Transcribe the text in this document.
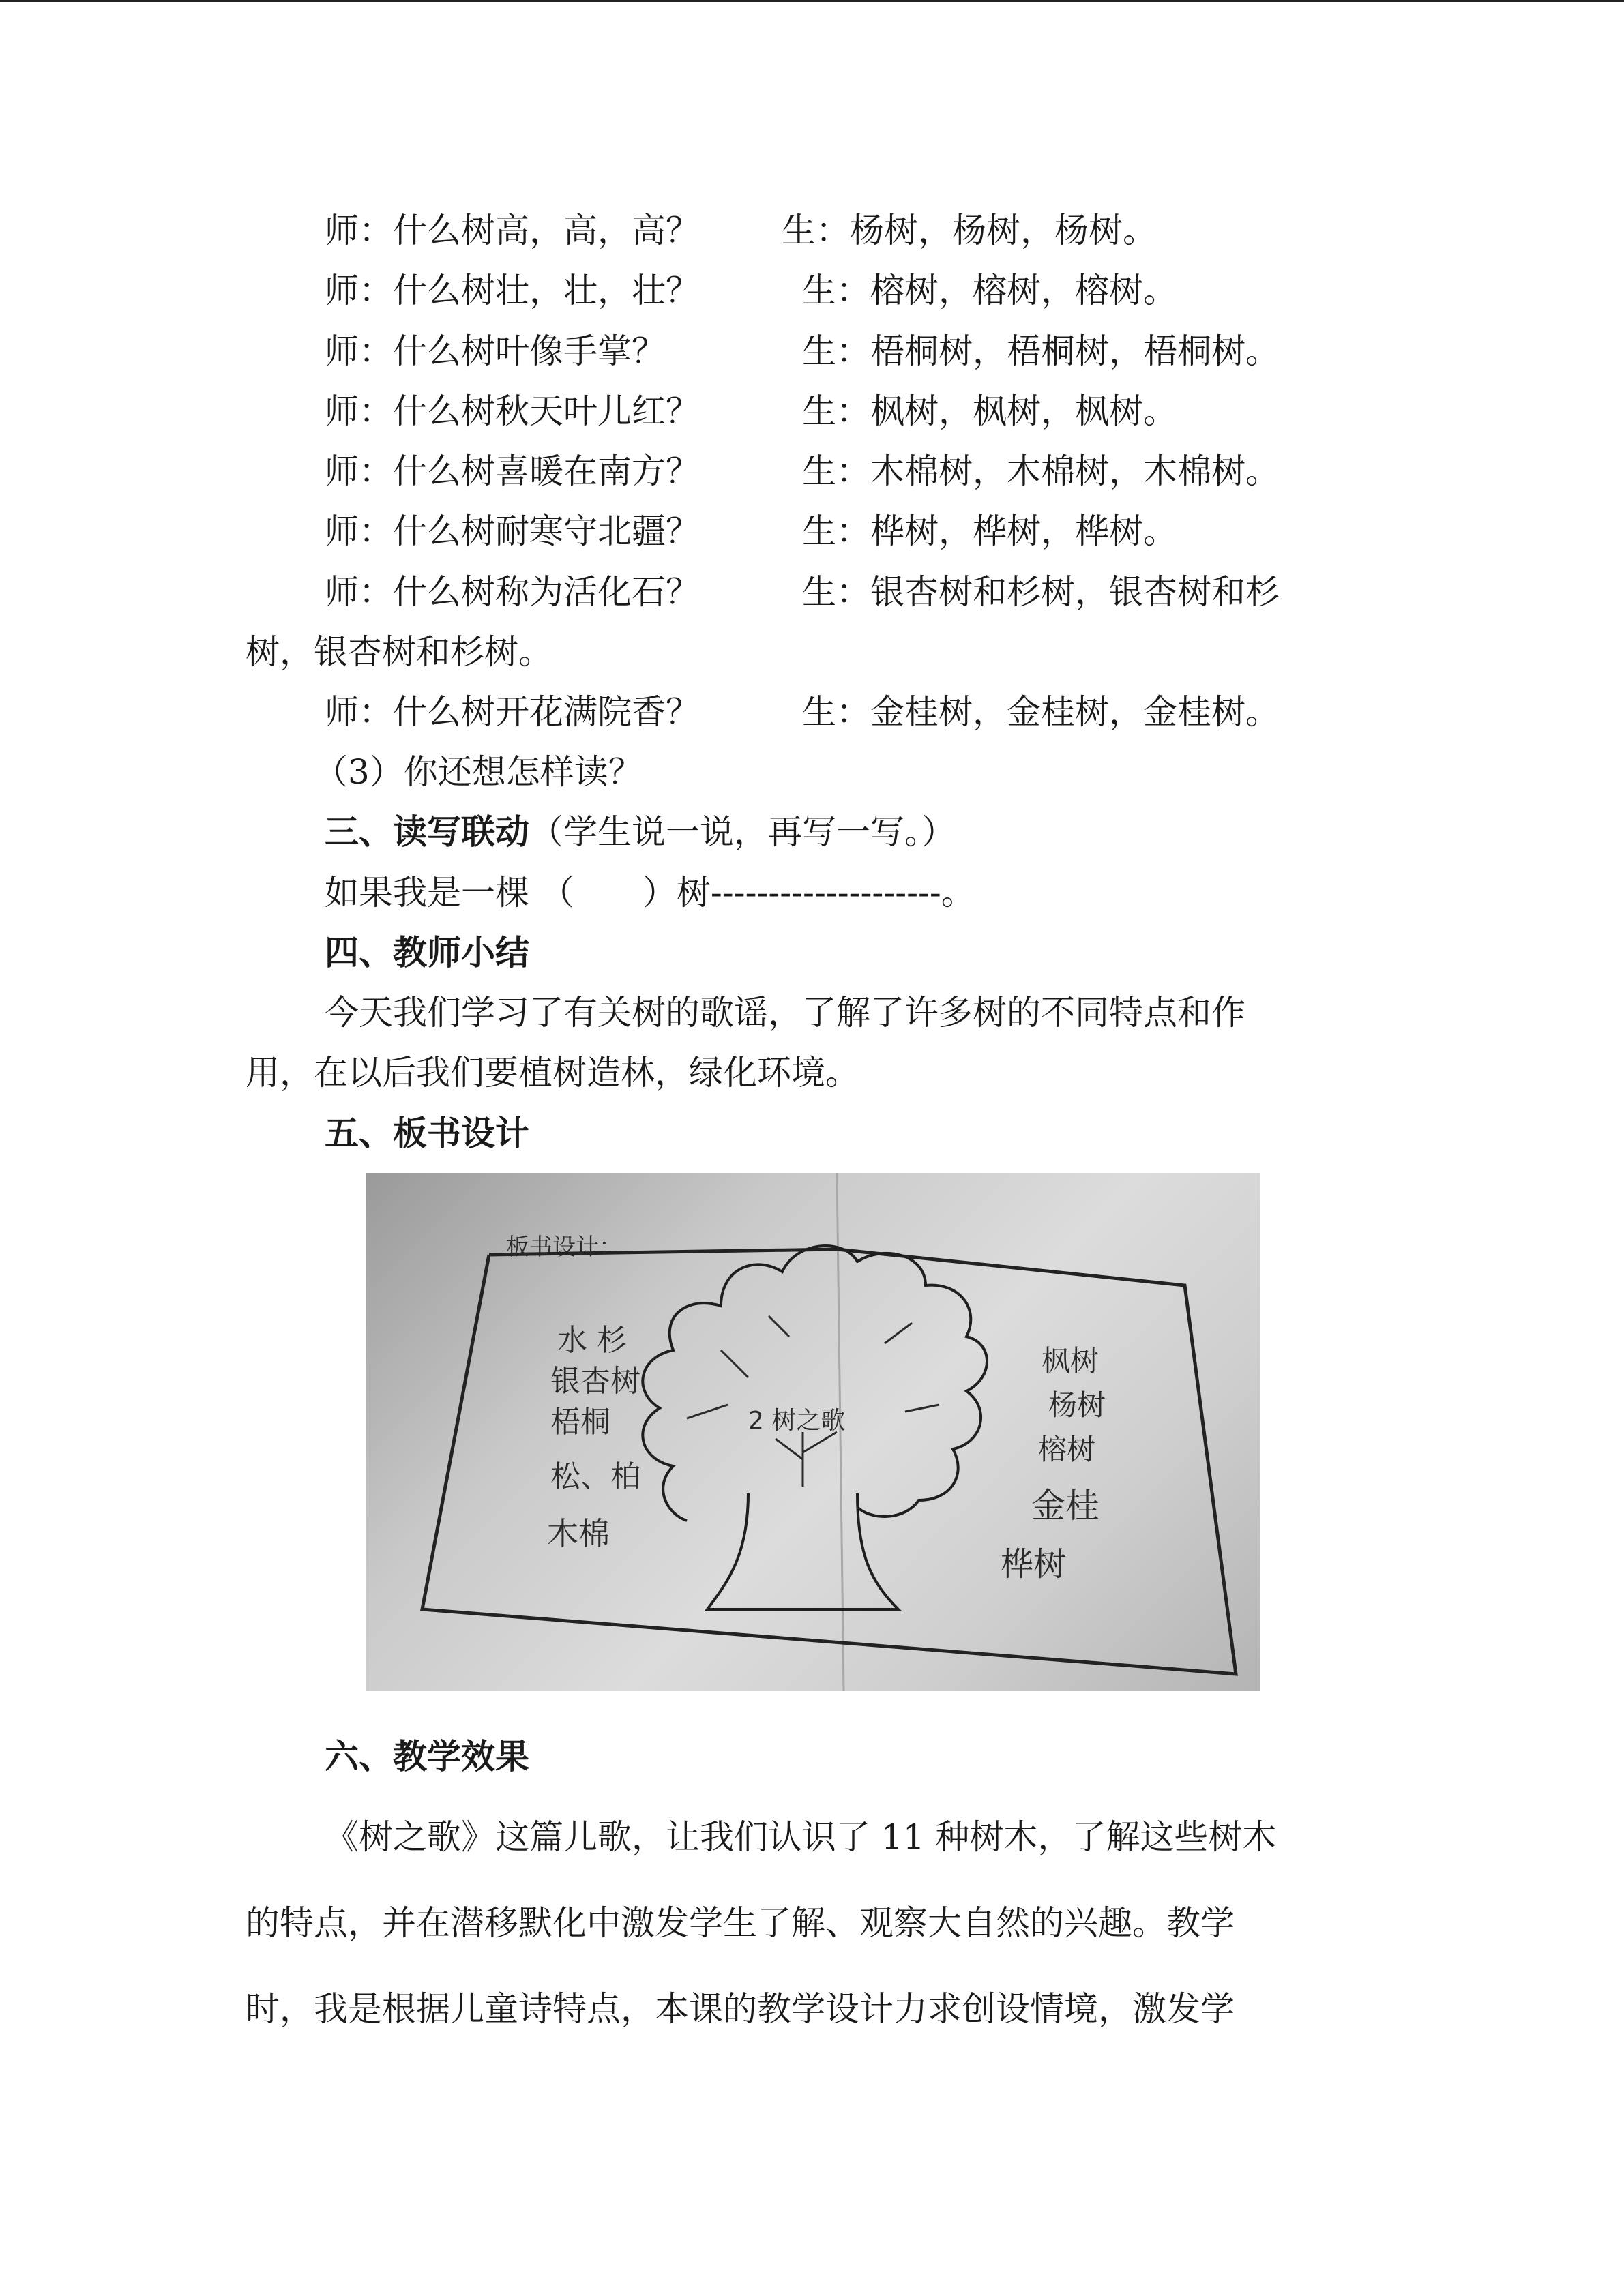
师：什么树高，高，高？ 生：杨树，杨树，杨树。
师：什么树壮，壮，壮？	生：榕树，榕树，榕树。
师：什么树叶像手掌？	生：梧桐树，梧桐树，梧桐树。
师：什么树秋天叶儿红？	生：枫树，枫树，枫树。
师：什么树喜暖在南方？	生：木棉树，木棉树，木棉树。
师：什么树耐寒守北疆？	生：桦树，桦树，桦树。
师：什么树称为活化石？	生：银杏树和杉树，银杏树和杉
树，银杏树和杉树。
师：什么树开花满院香？	生：金桂树，金桂树，金桂树。
（3）你还想怎样读？
三、读写联动（学生说一说，再写一写。）
如果我是一棵 （　　）树--------------------。
四、教师小结
今天我们学习了有关树的歌谣，了解了许多树的不同特点和作
用，在以后我们要植树造林，绿化环境。
五、板书设计
板书设计：
2 树之歌
水 杉
银杏树
梧桐
松、柏
木棉
枫树
杨树
榕树
金桂
桦树
六、教学效果
《树之歌》这篇儿歌，让我们认识了 11 种树木，了解这些树木
的特点，并在潜移默化中激发学生了解、观察大自然的兴趣。教学
时，我是根据儿童诗特点，本课的教学设计力求创设情境，激发学
